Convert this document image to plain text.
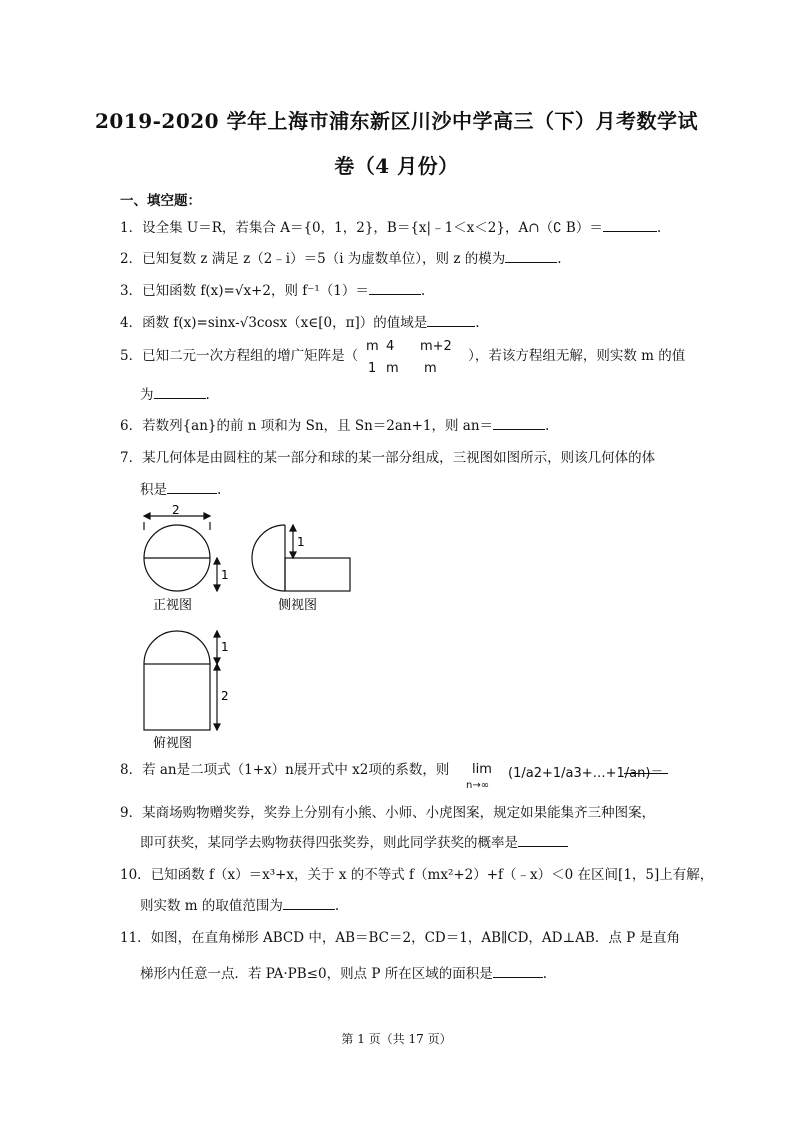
2019-2020 学年上海市浦东新区川沙中学高三（下）月考数学试
卷（4 月份）
一、填空题：
1．设全集 U＝R，若集合 A＝{0，1，2}，B＝{x|﹣1＜x＜2}，A∩（∁ B）＝	.
2．已知复数 z 满足 z（2﹣i）＝5（i 为虚数单位），则 z 的模为	.
3．已知函数 f(x)=√x+2，则 f⁻¹（1）＝	.
4．函数 f(x)=sinx-√3cosx（x∈[0，π]）的值域是	.
5．已知二元一次方程组的增广矩阵是（	），若该方程组无解，则实数 m 的值
m 4 m+2
1 m m
为	.
6．若数列{an}的前 n 项和为 Sn，且 Sn＝2an+1，则 an＝	.
7．某几何体是由圆柱的某一部分和球的某一部分组成，三视图如图所示，则该几何体的体
积是	.
2
1
1
1
2
正视图	侧视图
俯视图
8．若 an是二项式（1+x）n展开式中 x2项的系数，则 lim
n→∞
(1/a2+1/a3+…+1/an)＝
9．某商场购物赠奖券，奖券上分别有小熊、小师、小虎图案，规定如果能集齐三种图案，
即可获奖，某同学去购物获得四张奖券，则此同学获奖的概率是
10．已知函数 f（x）＝x³+x，关于 x 的不等式 f（mx²+2）+f（﹣x）＜0 在区间[1，5]上有解，
则实数 m 的取值范围为	.
11．如图，在直角梯形 ABCD 中，AB＝BC＝2，CD＝1，AB∥CD，AD⊥AB．点 P 是直角
梯形内任意一点．若 PA·PB≤0，则点 P 所在区域的面积是	.
第 1 页（共 17 页）
